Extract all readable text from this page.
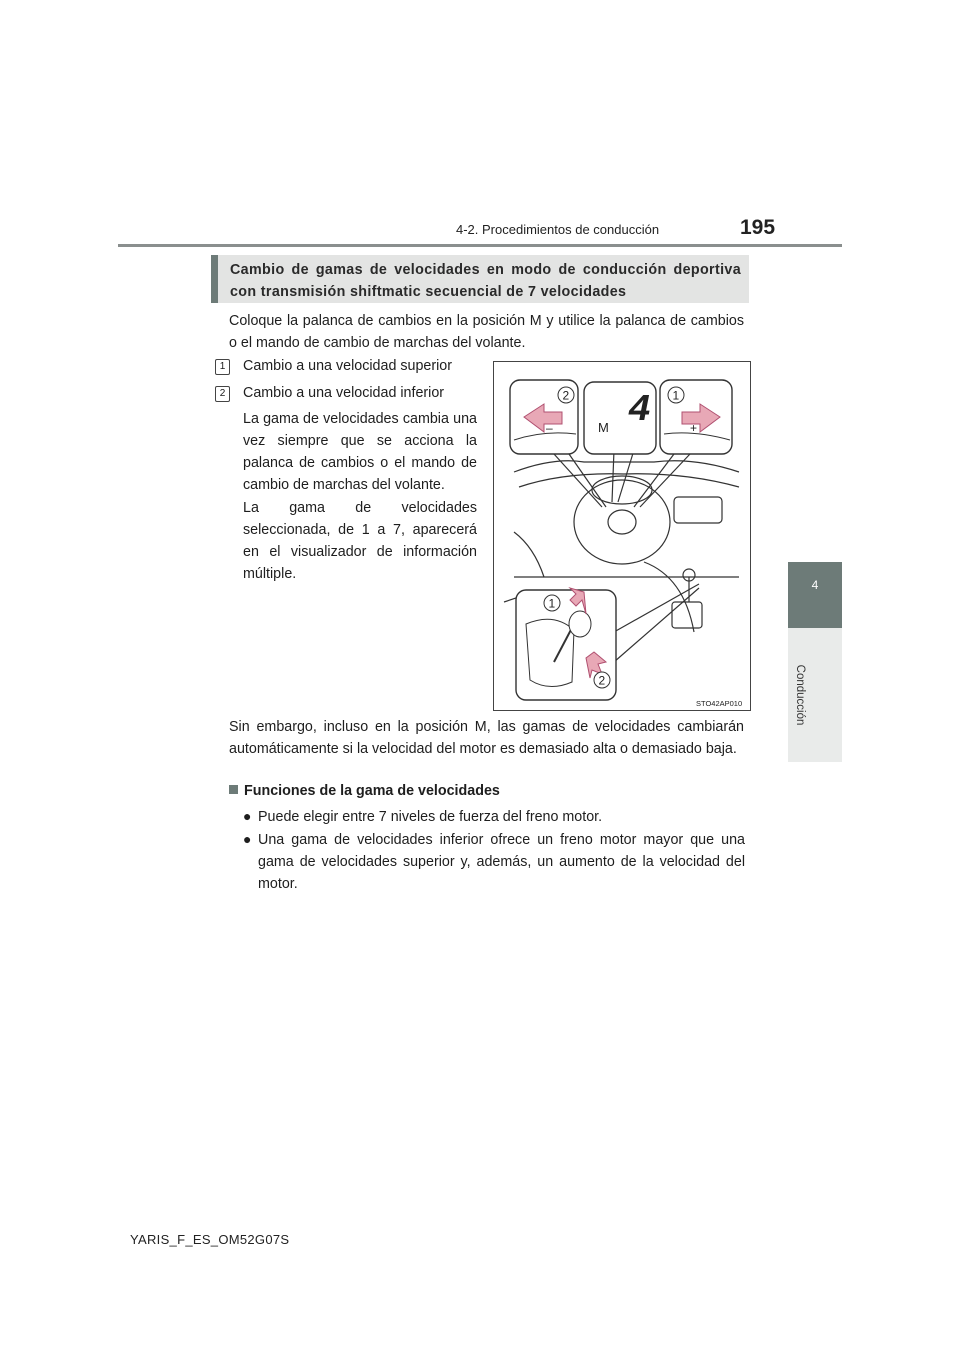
4-2. Procedimientos de conducción	195
4
Conducción
Cambio de gamas de velocidades en modo de conducción deportiva con transmisión shiftmatic secuencial de 7 velocidades
Coloque la palanca de cambios en la posición M y utilice la palanca de cambios o el mando de cambio de marchas del volante.
1	Cambio a una velocidad superior
2	Cambio a una velocidad inferior
La gama de velocidades cambia una vez siempre que se acciona la palanca de cambios o el mando de cambio de marchas del volante.
La gama de velocidades seleccionada, de 1 a 7, aparecerá en el visualizador de información múltiple.
–
2 4
M	+
1
1
2
STO42AP010
Sin embargo, incluso en la posición M, las gamas de velocidades cambiarán automáticamente si la velocidad del motor es demasiado alta o demasiado baja.
Funciones de la gama de velocidades
● Puede elegir entre 7 niveles de fuerza del freno motor.
● Una gama de velocidades inferior ofrece un freno motor mayor que una gama de velocidades superior y, además, un aumento de la velocidad del motor.
YARIS_F_ES_OM52G07S
